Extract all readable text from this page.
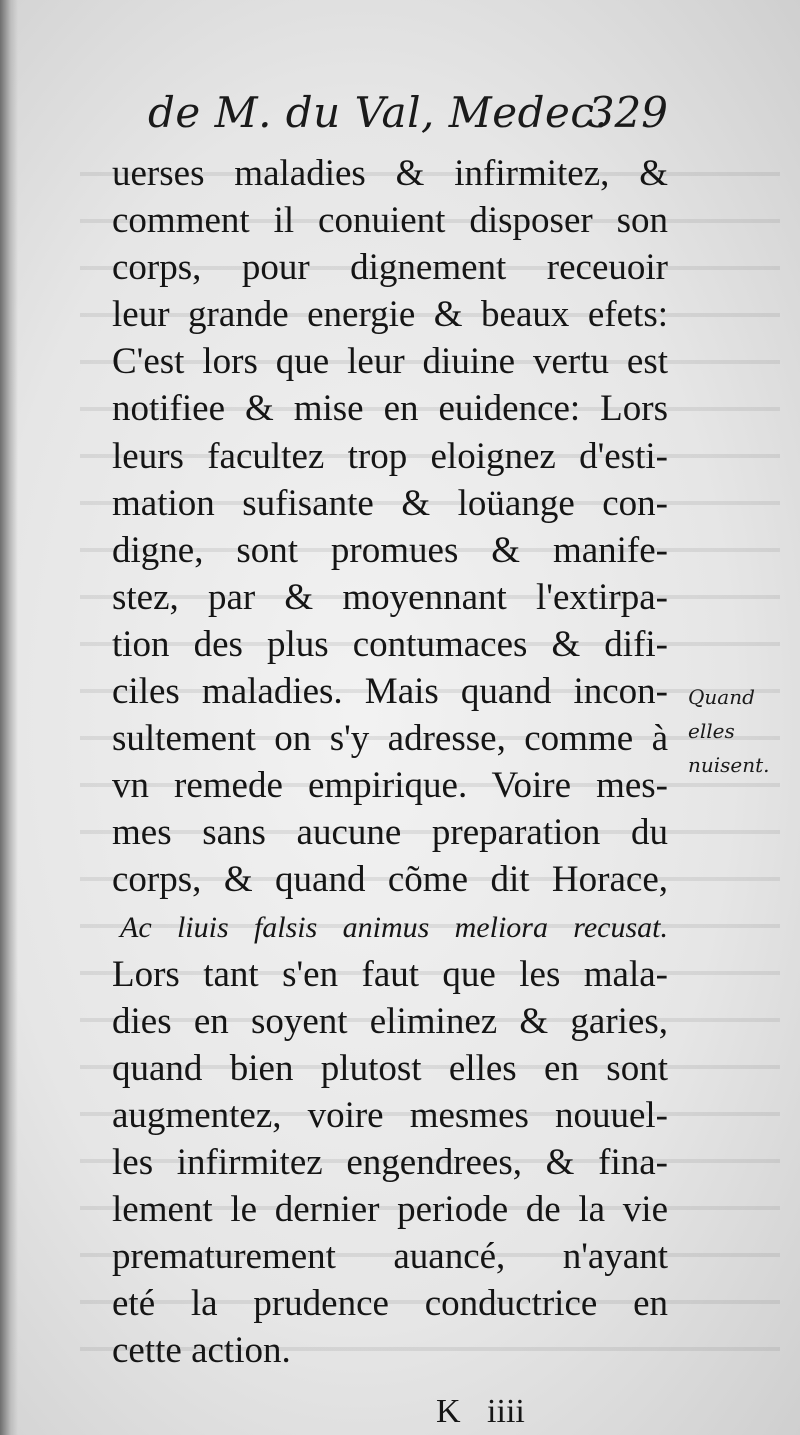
de M. du Val, Medec.
329
uerses maladies & infirmitez, &
comment il conuient disposer son
corps, pour dignement receuoir
leur grande energie & beaux efets:
C'est lors que leur diuine vertu est
notifiee & mise en euidence: Lors
leurs facultez trop eloignez d'esti-
mation sufisante & loüange con-
digne, sont promues & manife-
stez, par & moyennant l'extirpa-
tion des plus contumaces & difi-
ciles maladies. Mais quand incon-
sultement on s'y adresse, comme à
vn remede empirique. Voire mes-
mes sans aucune preparation du
corps, & quand cõme dit Horace,
Ac liuis falsis animus meliora recusat.
Lors tant s'en faut que les mala-
dies en soyent eliminez & garies,
quand bien plutost elles en sont
augmentez, voire mesmes nouuel-
les infirmitez engendrees, & fina-
lement le dernier periode de la vie
prematurement auancé, n'ayant
eté la prudence conductrice en
cette action.
Quand
elles
nuisent.
K iiii
